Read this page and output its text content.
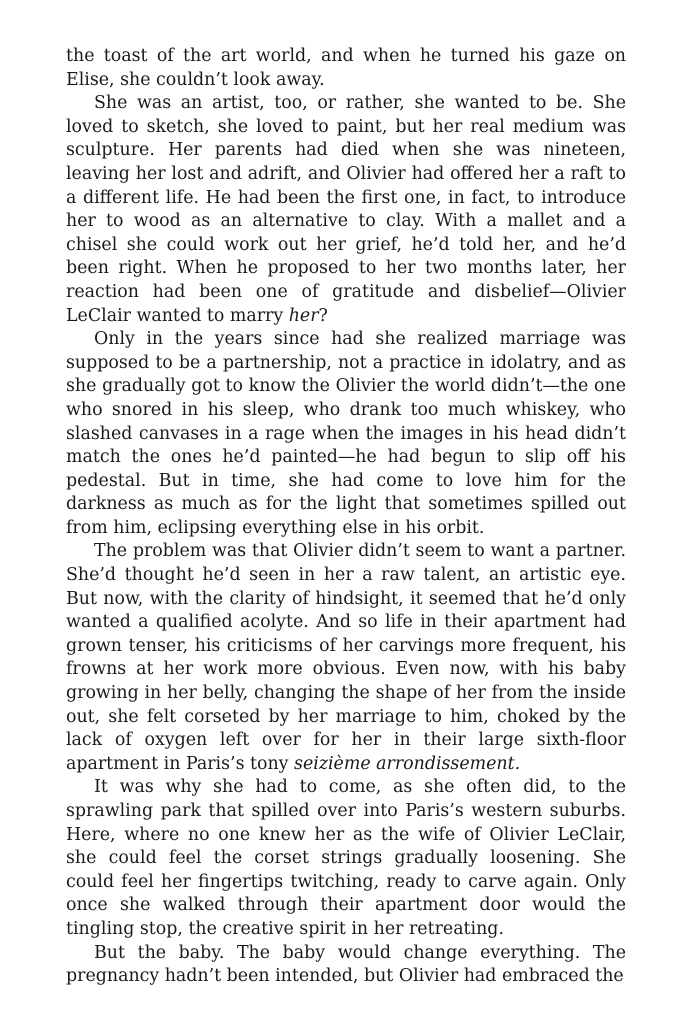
the toast of the art world, and when he turned his gaze on Elise, she couldn’t look away.

She was an artist, too, or rather, she wanted to be. She loved to sketch, she loved to paint, but her real medium was sculpture. Her parents had died when she was nineteen, leaving her lost and adrift, and Olivier had offered her a raft to a different life. He had been the first one, in fact, to introduce her to wood as an alternative to clay. With a mallet and a chisel she could work out her grief, he’d told her, and he’d been right. When he proposed to her two months later, her reaction had been one of gratitude and disbelief—Olivier LeClair wanted to marry her?

Only in the years since had she realized marriage was supposed to be a partnership, not a practice in idolatry, and as she gradually got to know the Olivier the world didn’t—the one who snored in his sleep, who drank too much whiskey, who slashed canvases in a rage when the images in his head didn’t match the ones he’d painted—he had begun to slip off his pedestal. But in time, she had come to love him for the darkness as much as for the light that sometimes spilled out from him, eclipsing everything else in his orbit.

The problem was that Olivier didn’t seem to want a partner. She’d thought he’d seen in her a raw talent, an artistic eye. But now, with the clarity of hindsight, it seemed that he’d only wanted a qualified acolyte. And so life in their apartment had grown tenser, his criticisms of her carvings more frequent, his frowns at her work more obvious. Even now, with his baby growing in her belly, changing the shape of her from the inside out, she felt corseted by her marriage to him, choked by the lack of oxygen left over for her in their large sixth-floor apartment in Paris’s tony seizième arrondissement.

It was why she had to come, as she often did, to the sprawling park that spilled over into Paris’s western suburbs. Here, where no one knew her as the wife of Olivier LeClair, she could feel the corset strings gradually loosening. She could feel her fingertips twitching, ready to carve again. Only once she walked through their apartment door would the tingling stop, the creative spirit in her retreating.

But the baby. The baby would change everything. The pregnancy hadn’t been intended, but Olivier had embraced the
